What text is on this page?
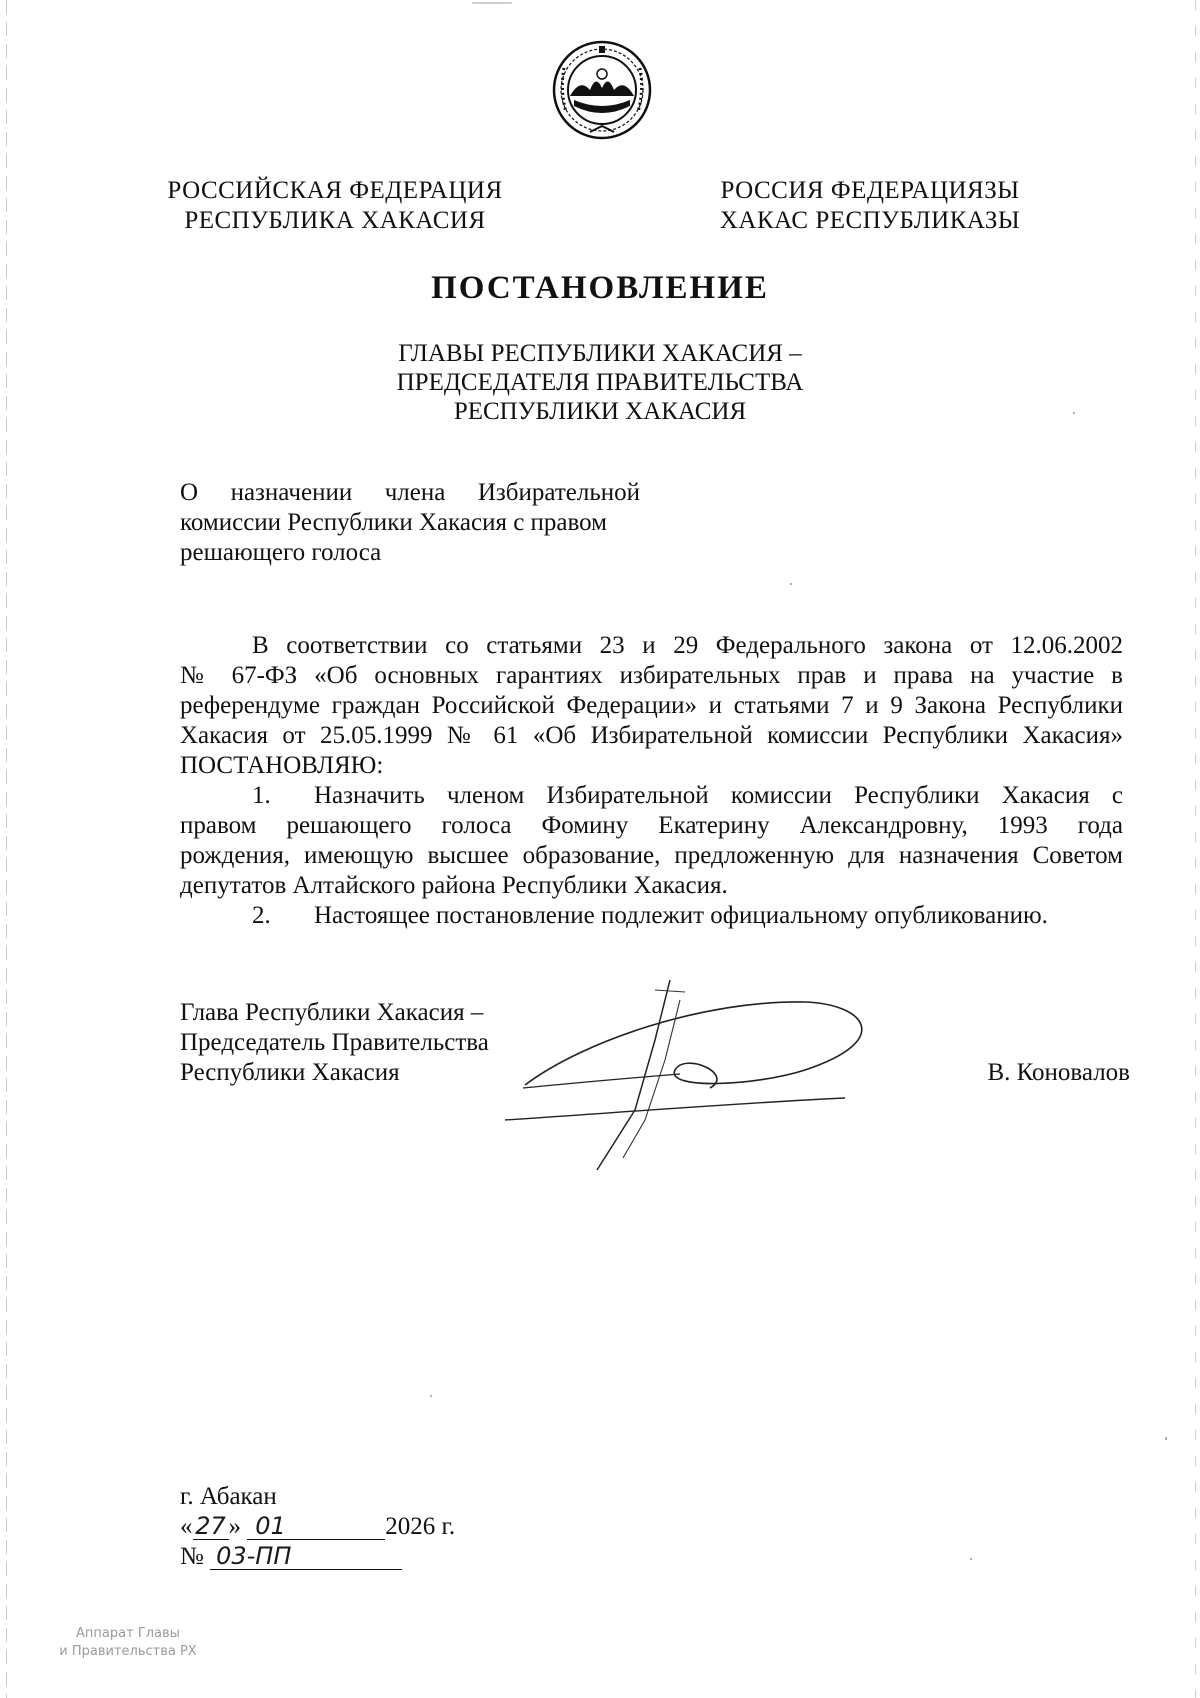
РОССИЙСКАЯ ФЕДЕРАЦИЯ
РЕСПУБЛИКА ХАКАСИЯ
РОССИЯ ФЕДЕРАЦИЯЗЫ
ХАКАС РЕСПУБЛИКАЗЫ
ПОСТАНОВЛЕНИЕ
ГЛАВЫ РЕСПУБЛИКИ ХАКАСИЯ –
ПРЕДСЕДАТЕЛЯ ПРАВИТЕЛЬСТВА
РЕСПУБЛИКИ ХАКАСИЯ
О назначении члена Избирательной
комиссии Республики Хакасия с правом
решающего голоса
В соответствии со статьями 23 и 29 Федерального закона от 12.06.2002
№ 67-ФЗ «Об основных гарантиях избирательных прав и права на участие в
референдуме граждан Российской Федерации» и статьями 7 и 9 Закона Республики
Хакасия от 25.05.1999 № 61 «Об Избирательной комиссии Республики Хакасия»
ПОСТАНОВЛЯЮ:
1. Назначить членом Избирательной комиссии Республики Хакасия с
правом решающего голоса Фомину Екатерину Александровну, 1993 года
рождения, имеющую высшее образование, предложенную для назначения Советом
депутатов Алтайского района Республики Хакасия.
2. Настоящее постановление подлежит официальному опубликованию.
Глава Республики Хакасия –
Председатель Правительства
Республики Хакасия	В. Коновалов
г. Абакан
« 27 » 01	2026 г.
№ 03-ПП
Аппарат Главы
и Правительства РХ
